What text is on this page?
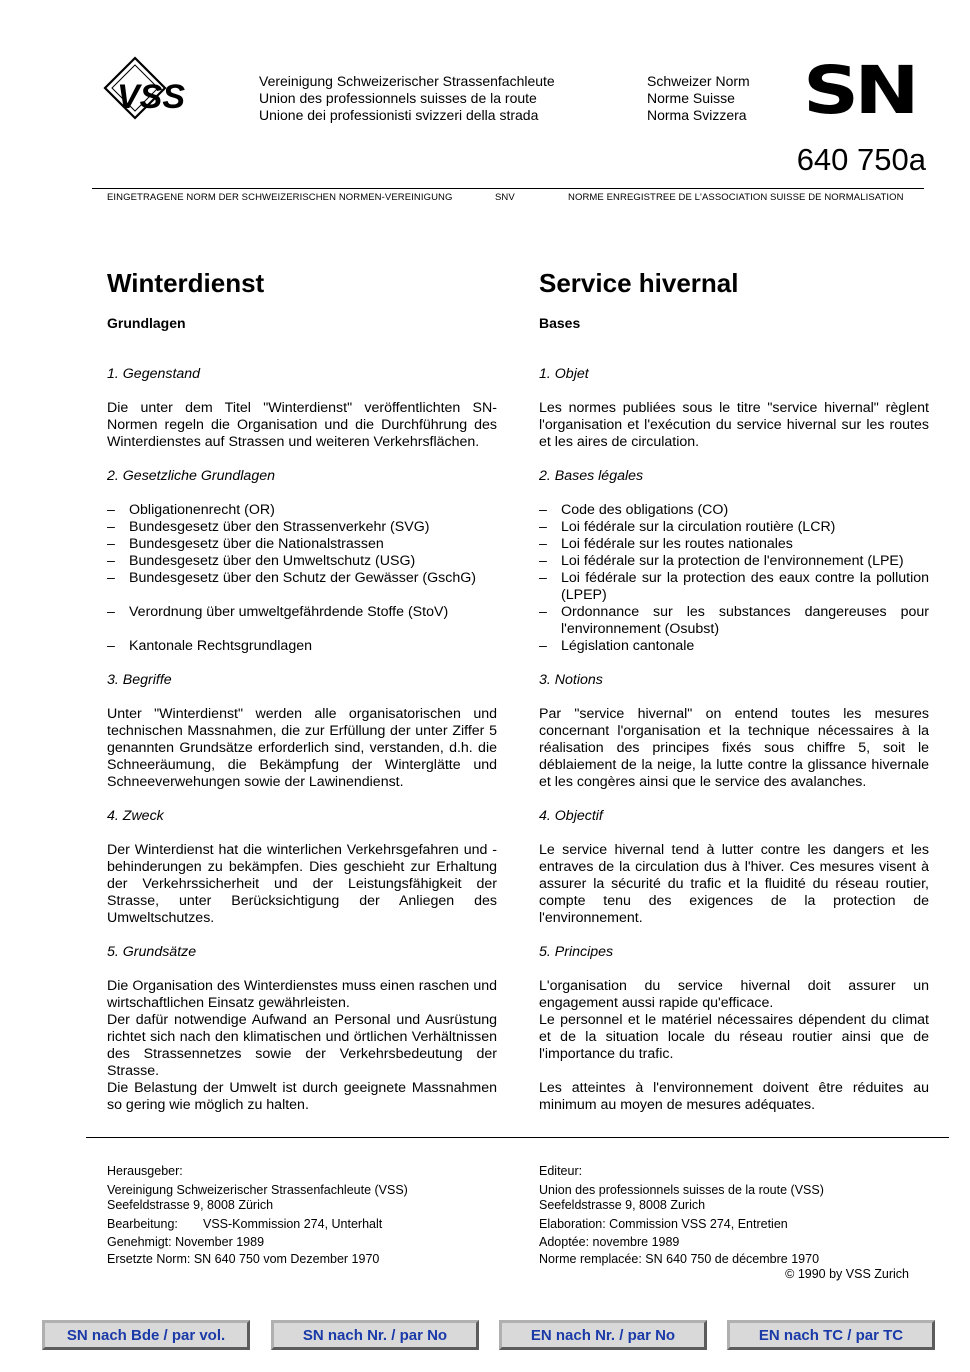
VSS	Vereinigung Schweizerischer Strassenfachleute
Union des professionnels suisses de la route
Unione dei professionisti svizzeri della strada
Schweizer Norm
Norme Suisse
Norma Svizzera SN
640 750a
EINGETRAGENE NORM DER SCHWEIZERISCHEN NORMEN-VEREINIGUNG	SNV	NORME ENREGISTREE DE L'ASSOCIATION SUISSE DE NORMALISATION
Winterdienst
Grundlagen
1. Gegenstand
Die unter dem Titel "Winterdienst" veröffentlichten SN-Normen regeln die Organisation und die Durchführung des Winterdienstes auf Strassen und weiteren Verkehrsflächen.
2. Gesetzliche Grundlagen
– Obligationenrecht (OR)
– Bundesgesetz über den Strassenverkehr (SVG)
– Bundesgesetz über die Nationalstrassen
– Bundesgesetz über den Umweltschutz (USG)
– Bundesgesetz über den Schutz der Gewässer (GschG)
– Verordnung über umweltgefährdende Stoffe (StoV)
– Kantonale Rechtsgrundlagen
3. Begriffe
Unter "Winterdienst" werden alle organisatorischen und technischen Massnahmen, die zur Erfüllung der unter Ziffer 5 genannten Grundsätze erforderlich sind, verstanden, d.h. die Schneeräumung, die Bekämpfung der Winterglätte und Schneeverwehungen sowie der Lawinendienst.
4. Zweck
Der Winterdienst hat die winterlichen Verkehrsgefahren und -behinderungen zu bekämpfen. Dies geschieht zur Erhaltung der Verkehrssicherheit und der Leistungsfähigkeit der Strasse, unter Berücksichtigung der Anliegen des Umweltschutzes.
5. Grundsätze
Die Organisation des Winterdienstes muss einen raschen und wirtschaftlichen Einsatz gewährleisten.
Der dafür notwendige Aufwand an Personal und Ausrüstung richtet sich nach den klimatischen und örtlichen Verhältnissen des Strassennetzes sowie der Verkehrsbedeutung der Strasse.
Die Belastung der Umwelt ist durch geeignete Massnahmen so gering wie möglich zu halten.
Service hivernal
Bases
1. Objet
Les normes publiées sous le titre "service hivernal" règlent l'organisation et l'exécution du service hivernal sur les routes et les aires de circulation.
2. Bases légales
– Code des obligations (CO)
– Loi fédérale sur la circulation routière (LCR)
– Loi fédérale sur les routes nationales
– Loi fédérale sur la protection de l'environnement (LPE)
– Loi fédérale sur la protection des eaux contre la pollution (LPEP)
– Ordonnance sur les substances dangereuses pour l'environnement (Osubst)
– Législation cantonale
3. Notions
Par "service hivernal" on entend toutes les mesures concernant l'organisation et la technique nécessaires à la réalisation des principes fixés sous chiffre 5, soit le déblaiement de la neige, la lutte contre la glissance hivernale et les congères ainsi que le service des avalanches.
4. Objectif
Le service hivernal tend à lutter contre les dangers et les entraves de la circulation dus à l'hiver. Ces mesures visent à assurer la sécurité du trafic et la fluidité du réseau routier, compte tenu des exigences de la protection de l'environnement.
5. Principes
L'organisation du service hivernal doit assurer un engagement aussi rapide qu'efficace.
Le personnel et le matériel nécessaires dépendent du climat et de la situation locale du réseau routier ainsi que de l'importance du trafic.
Les atteintes à l'environnement doivent être réduites au minimum au moyen de mesures adéquates.
Herausgeber:
Vereinigung Schweizerischer Strassenfachleute (VSS)
Seefeldstrasse 9, 8008 Zürich
Bearbeitung: VSS-Kommission 274, Unterhalt
Genehmigt: November 1989
Ersetzte Norm: SN 640 750 vom Dezember 1970
Editeur:
Union des professionnels suisses de la route (VSS)
Seefeldstrasse 9, 8008 Zurich
Elaboration: Commission VSS 274, Entretien
Adoptée: novembre 1989
Norme remplacée: SN 640 750 de décembre 1970
© 1990 by VSS Zurich
SN nach Bde / par vol.	SN nach Nr. / par No	EN nach Nr. / par No	EN nach TC / par TC
